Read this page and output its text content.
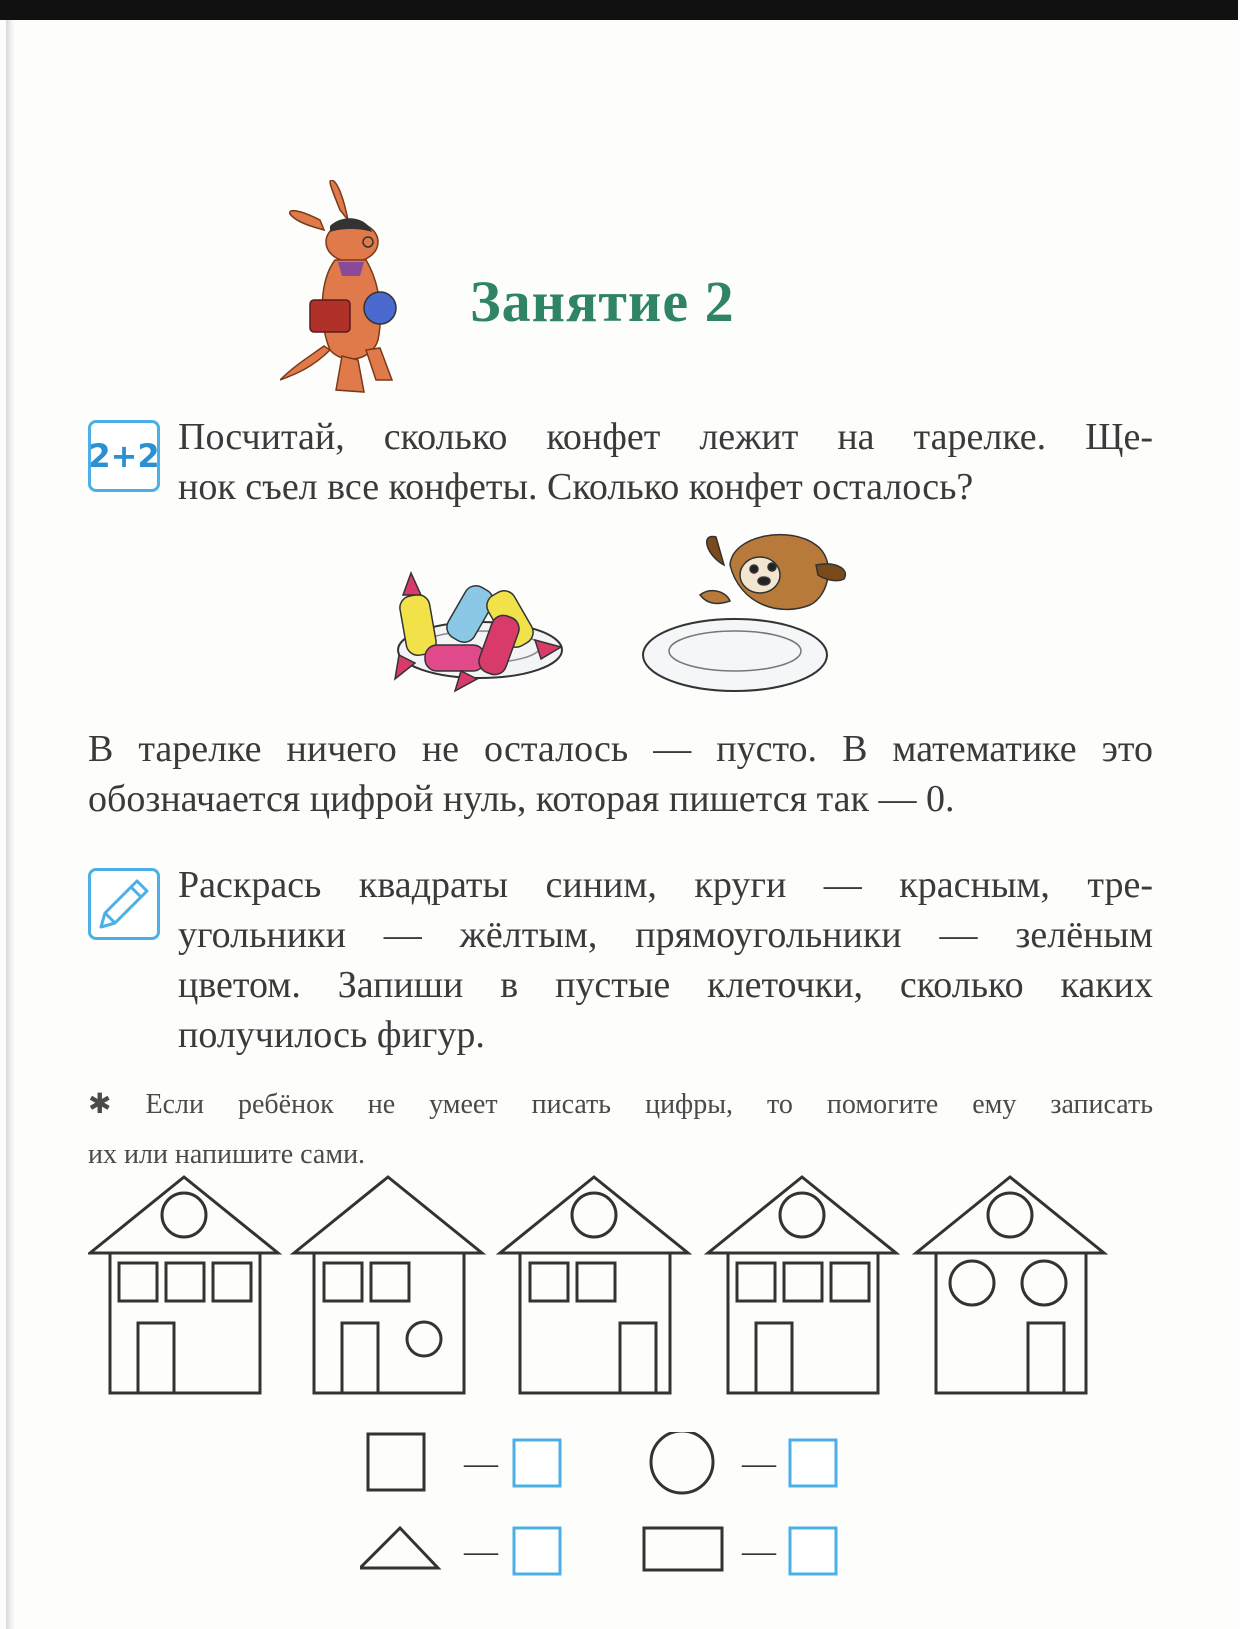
Занятие 2
2+2 Посчитай, сколько конфет лежит на тарелке. Ще-
нок съел все конфеты. Сколько конфет осталось?

В тарелке ничего не осталось — пусто. В математике это
обозначается цифрой нуль, которая пишется так — 0.

Раскрась квадраты синим, круги — красным, тре-
угольники — жёлтым, прямоугольники — зелёным
цветом. Запиши в пустые клеточки, сколько каких
получилось фигур.

✱ Если ребёнок не умеет писать цифры, то помогите ему записать
их или напишите сами.

—	—
—	—
